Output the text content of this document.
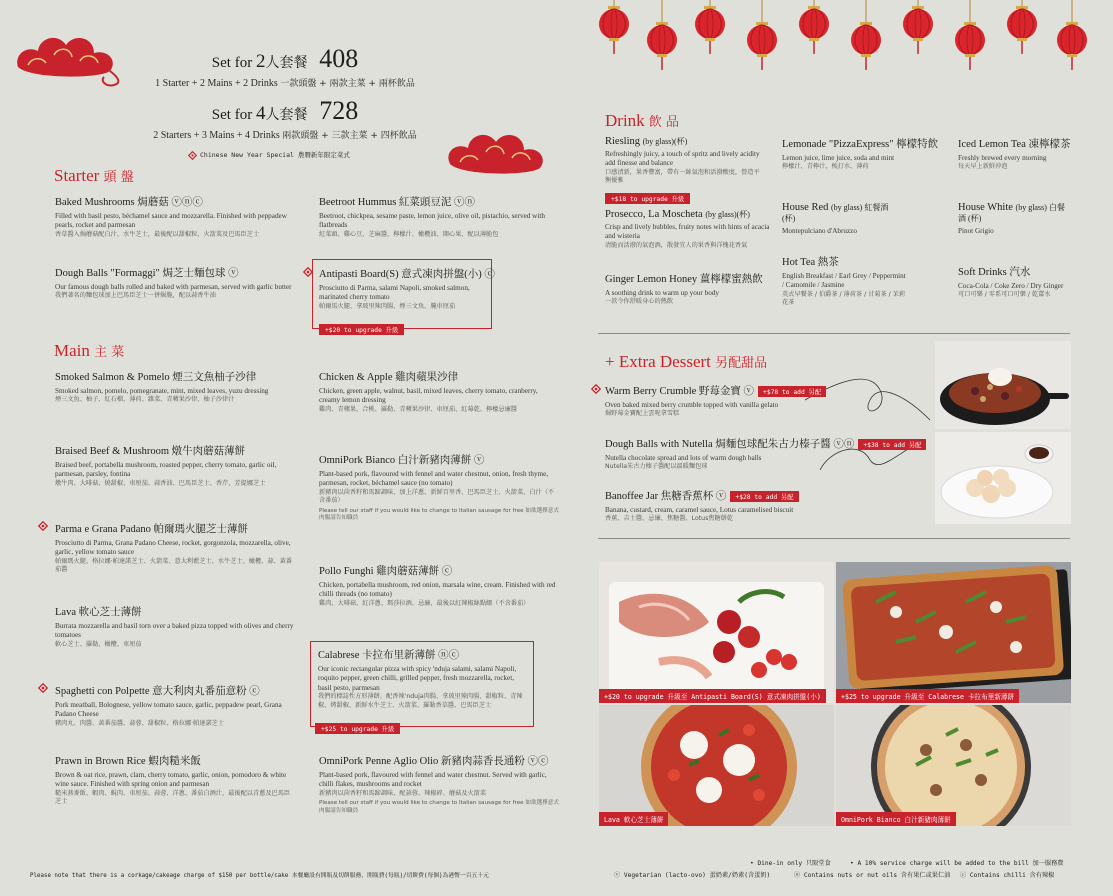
Set for 2人套餐 408
1 Starter + 2 Mains + 2 Drinks 一款頭盤 + 兩款主菜 + 兩杯飲品
Set for 4人套餐 728
2 Starters + 3 Mains + 4 Drinks 兩款頭盤 + 三款主菜 + 四杯飲品
Chinese New Year Special 農曆新年限定菜式
Starter 頭 盤
Baked Mushrooms 焗蘑菇 ⓥⓝⓒ
Filled with basil pesto, béchamel sauce and mozzarella. Finished with peppadew pearls, rocket and parmesan
香草醬入焗蘑菇配白汁、水牛芝士，最後配以甜椒粒、火箭菜及巴馬臣芝士
Beetroot Hummus 紅菜頭豆泥 ⓥⓝ
Beetroot, chickpea, sesame paste, lemon juice, olive oil, pistachio, served with flatbreads
紅菜頭、雞心豆、芝麻醬、檸檬汁、橄欖油、開心果，配以薄脆包
Dough Balls "Formaggi" 焗芝士麵包球 ⓥ
Our famous dough balls rolled and baked with parmesan, served with garlic butter
我們著名的麵包球加上巴馬臣芝士一併焗脆，配以蒜香牛油
Antipasti Board(S) 意式凍肉拼盤(小) ⓒ
Prosciutto di Parma, salami Napoli, smoked salmon, marinated cherry tomato
帕爾馬火腿、拿玻里辣肉腸、煙三文魚、腌車厘茄
+$20 to upgrade 升級
Main 主 菜
Smoked Salmon & Pomelo 煙三文魚柚子沙律
Smoked salmon, pomelo, pomegranate, mint, mixed leaves, yuzu dressing
煙三文魚、柚子、紅石榴、薄荷、雜菜、青蘋果沙律、柚子沙律汁
Chicken & Apple 雞肉蘋果沙律
Chicken, green apple, walnut, basil, mixed leaves, cherry tomato, cranberry, creamy lemon dressing
雞肉、青蘋果、合桃、羅勒、青蘋果沙律、車厘茄、紅莓乾、檸檬忌廉醬
Braised Beef & Mushroom 燉牛肉蘑菇薄餅
Braised beef, portabella mushroom, roasted pepper, cherry tomato, garlic oil, parmesan, parsley, fontina
燉牛肉、大啡菇、燒甜椒、車厘茄、蒜香油、巴馬臣芝士、香芹、芳提娜芝士
OmniPork Bianco 白汁新豬肉薄餅 ⓥ
Plant-based pork, flavoured with fennel and water chestnut, onion, fresh thyme, parmesan, rocket, béchamel sauce (no tomato)
新豬肉以茴香籽和馬蹄調味，加上洋蔥、新鮮百里香、巴馬臣芝士、火箭菜、白汁（不含番茄）
Please tell our staff if you would like to change to Italian sausage for free 如欲選擇意式肉腸請告知職員
Parma e Grana Padano 帕爾瑪火腿芝士薄餅
Prosciutto di Parma, Grana Padano Cheese, rocket, gorgonzola, mozzarella, olive, garlic, yellow tomato sauce
帕爾瑪火腿、格拉娜·帕達諾芝士、火箭菜、意大利藍芝士、水牛芝士、橄欖、蒜、黃番茄醬	Pollo Funghi 雞肉蘑菇薄餅 ⓒ
Chicken, portabella mushroom, red onion, marsala wine, cream. Finished with red chilli threads (no tomato)
雞肉、大啡菇、紅洋蔥、瑪莎拉酒、忌廉，最後以紅辣椒絲點綴（不含番茄）
Lava 軟心芝士薄餅
Burrata mozzarella and basil torn over a baked pizza topped with olives and cherry tomatoes
軟心芝士、羅勒、橄欖、車厘茄
Calabrese 卡拉布里新薄餅 ⓝⓒ
Our iconic rectangular pizza with spicy 'nduja salami, salami Napoli, roquito pepper, green chilli, grilled pepper, fresh mozzarella, rocket, basil pesto, parmesan
我們的標誌性方形薄餅，配香辣'nduja肉腸、拿玻里辣肉腸、甜椒粒、青辣椒、烤甜椒、新鮮水牛芝士、火箭菜、羅勒香草醬、巴馬臣芝士
+$25 to upgrade 升級
Spaghetti con Polpette 意大利肉丸番茄意粉 ⓒ
Pork meatball, Bolognese, yellow tomato sauce, garlic, peppadew pearl, Grana Padano Cheese
豬肉丸、肉醬、黃番茄醬、蒜蓉、甜椒粒、格拉娜·帕達諾芝士
Prawn in Brown Rice 蝦肉糙米飯
Brown & oat rice, prawn, clam, cherry tomato, garlic, onion, pomodoro & white wine sauce. Finished with spring onion and parmesan
糙米燕麥飯、蝦肉、蜆肉、車厘茄、蒜蓉、洋蔥、番茄白酒汁，最後配以青蔥及巴馬臣芝士
OmniPork Penne Aglio Olio 新豬肉蒜香長通粉 ⓥⓒ
Plant-based pork, flavoured with fennel and water chestnut. Served with garlic, chilli flakes, mushrooms and rocket
新豬肉以茴香籽和馬蹄調味，配蒜蓉、辣椒碎、蘑菇及火箭菜
Please tell our staff if you would like to change to Italian sausage for free 如欲選擇意式肉腸請告知職員
Drink 飲 品
Riesling (by glass)(杯)
Refreshingly juicy, a touch of spritz and lively acidity add finesse and balance
口感清新，果香豐富，帶有一絲氣泡和活潑酸度，營造平衡優雅
+$18 to upgrade 升級
Lemonade "PizzaExpress" 檸檬特飲
Lemon juice, lime juice, soda and mint
檸檬汁、青檸汁、梳打水、薄荷
Iced Lemon Tea 凍檸檬茶
Freshly brewed every morning
每天早上新鮮沖泡
Prosecco, La Moscheta (by glass)(杯)
Crisp and lively bubbles, fruity notes with hints of acacia and wisteria
清脆而活潑的氣泡酒，散發宜人的果香與洋槐花香氣
House Red (by glass) 紅餐酒 (杯)
Montepulciano d'Abruzzo
House White (by glass) 白餐酒 (杯)
Pinot Grigio
Ginger Lemon Honey 薑檸檬蜜熱飲
A soothing drink to warm up your body
一款令你舒暖身心的熱飲
Hot Tea 熱茶
English Breakfast / Earl Grey / Peppermint / Camomile / Jasmine
英式早餐茶 / 伯爵茶 / 薄荷茶 / 甘菊茶 / 茉莉花茶
Soft Drinks 汽水
Coca-Cola / Coke Zero / Dry Ginger
可口可樂 / 零系可口可樂 / 乾薑水
+ Extra Dessert 另配甜品
Warm Berry Crumble 野莓金寶 ⓥ +$78 to add 另配
Oven baked mixed berry crumble topped with vanilla gelato
焗野莓金寶配上雲呢拿雪糕
Dough Balls with Nutella 焗麵包球配朱古力榛子醬 ⓥⓝ +$38 to add 另配
Nutella chocolate spread and lots of warm dough balls
Nutella朱古力榛子醬配以溫暖麵包球
Banoffee Jar 焦糖香蕉杯 ⓥ +$28 to add 另配
Banana, custard, cream, caramel sauce, Lotus caramelised biscuit
香蕉、吉士醬、忌廉、焦糖醬、Lotus焦糖餅乾
+$20 to upgrade 升級至 Antipasti Board(S) 意式凍肉拼盤(小)	+$25 to upgrade 升級至 Calabrese 卡拉布里新薄餅
Lava 軟心芝士薄餅	OmniPork Bianco 白汁新豬肉薄餅
Please note that there is a corkage/cakeage charge of $150 per bottle/cake 本餐廳設有開瓶及切餅服務，開瓶費(每瓶)/切餅費(每個)為港幣一百五十元
• Dine-in only 只限堂食	• A 10% service charge will be added to the bill 加一服務費
ⓥ Vegetarian (lacto-ovo) 蛋奶素/奶素(含蛋奶)	ⓝ Contains nuts or nut oils 含有果仁或果仁油 ⓒ Contains chilli 含有辣椒
